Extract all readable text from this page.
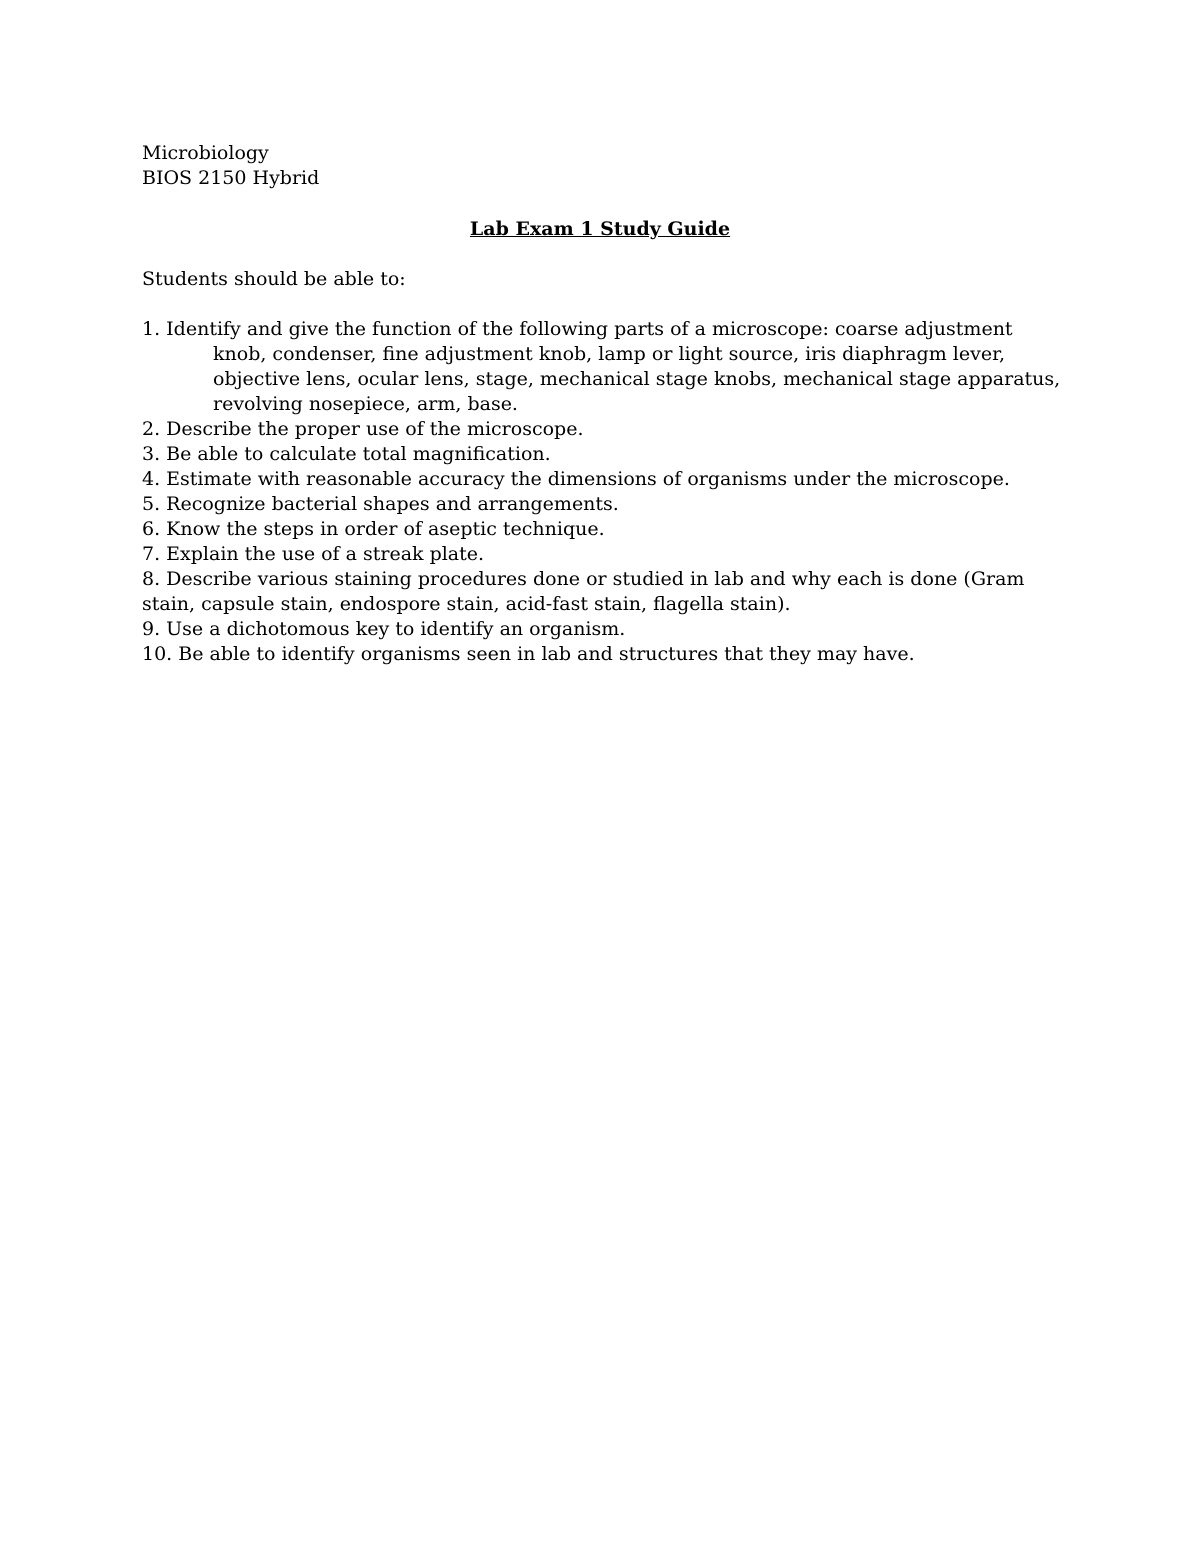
Microbiology
BIOS 2150 Hybrid
Lab Exam 1 Study Guide
Students should be able to:
1. Identify and give the function of the following parts of a microscope: coarse adjustment knob, condenser, fine adjustment knob, lamp or light source, iris diaphragm lever, objective lens, ocular lens, stage, mechanical stage knobs, mechanical stage apparatus, revolving nosepiece, arm, base.
2. Describe the proper use of the microscope.
3. Be able to calculate total magnification.
4. Estimate with reasonable accuracy the dimensions of organisms under the microscope.
5. Recognize bacterial shapes and arrangements.
6. Know the steps in order of aseptic technique.
7. Explain the use of a streak plate.
8. Describe various staining procedures done or studied in lab and why each is done (Gram stain, capsule stain, endospore stain, acid-fast stain, flagella stain).
9. Use a dichotomous key to identify an organism.
10. Be able to identify organisms seen in lab and structures that they may have.
